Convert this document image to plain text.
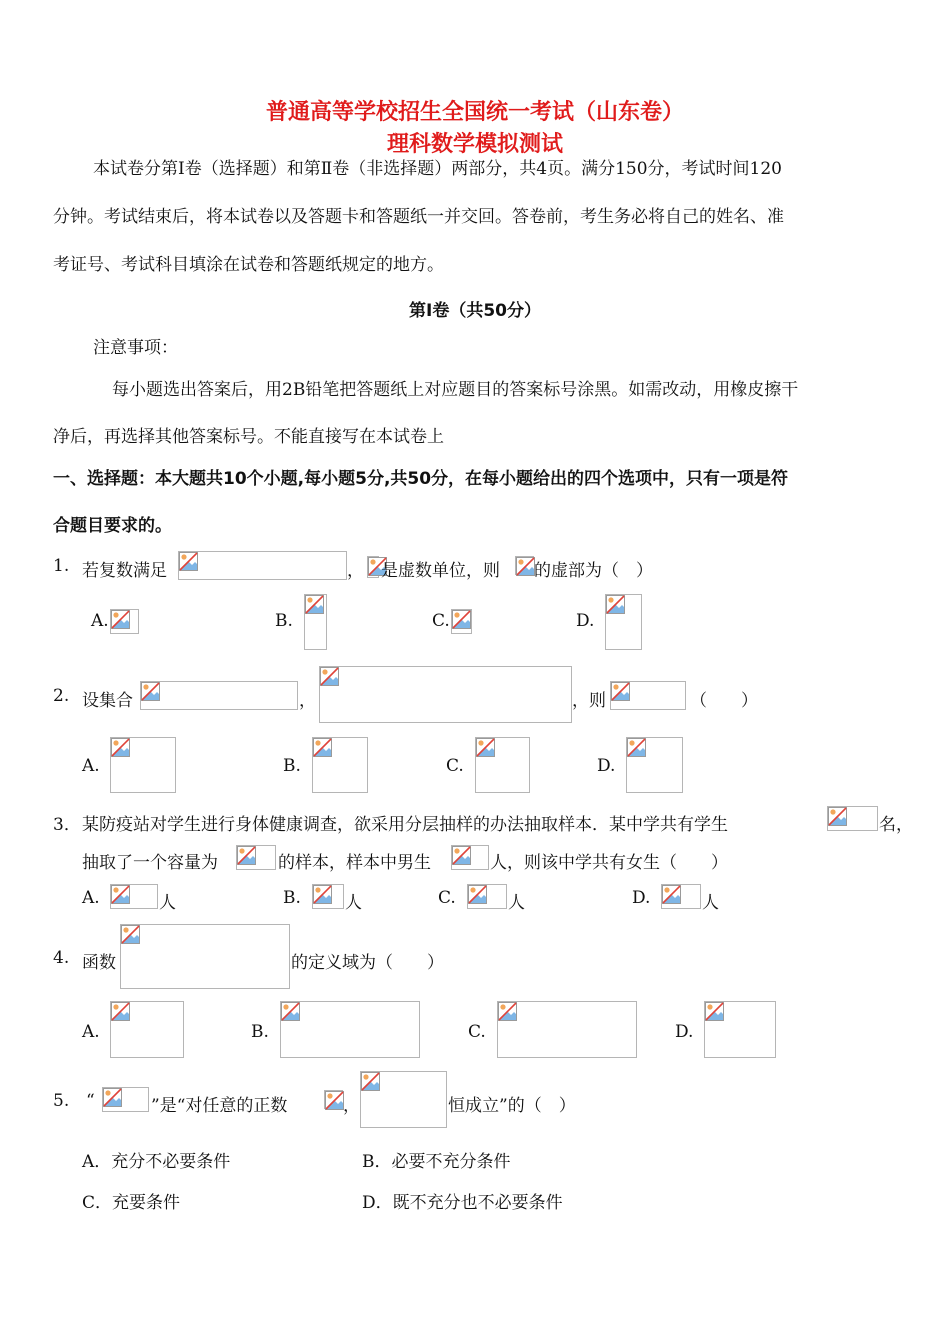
普通高等学校招生全国统一考试（山东卷）
理科数学模拟测试
本试卷分第Ⅰ卷（选择题）和第Ⅱ卷（非选择题）两部分，共4页。满分150分，考试时间120
分钟。考试结束后，将本试卷以及答题卡和答题纸一并交回。答卷前，考生务必将自己的姓名、准
考证号、考试科目填涂在试卷和答题纸规定的地方。
第Ⅰ卷（共50分）
注意事项：
每小题选出答案后，用2B铅笔把答题纸上对应题目的答案标号涂黑。如需改动，用橡皮擦干
净后，再选择其他答案标号。不能直接写在本试卷上
一、选择题：本大题共10个小题,每小题5分,共50分，在每小题给出的四个选项中，只有一项是符
合题目要求的。
1. 若复数满足	， 是虚数单位，则 的虚部为（　）
A.	B.	C.	D.
2. 设集合	，	，则	（　　）
A.	B.	C.	D.
3． 某防疫站对学生进行身体健康调查，欲采用分层抽样的办法抽取样本．某中学共有学生	名，
抽取了一个容量为	的样本，样本中男生	人，则该中学共有女生（　　）
A.	人	B.	人	C.	人	D.	人
4. 函数	的定义域为（　　）
A.	B.	C.	D.
5. “	”是“对任意的正数	，	恒成立”的（　）
A．充分不必要条件	B．必要不充分条件
C．充要条件	D．既不充分也不必要条件
